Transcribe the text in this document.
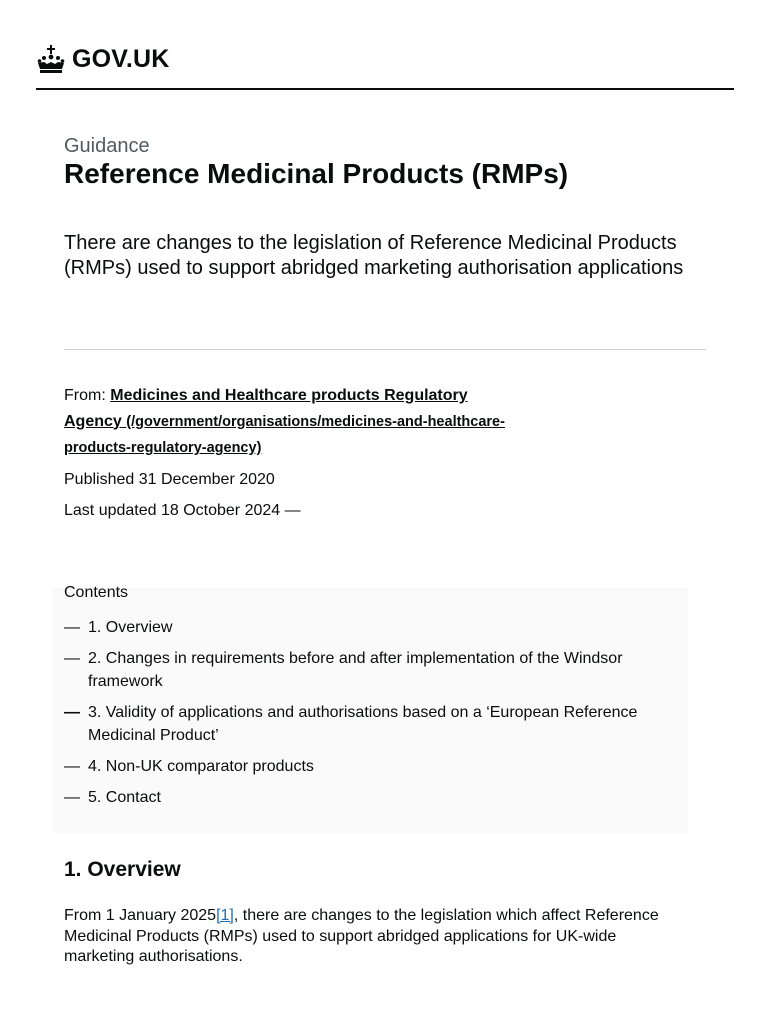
GOV.UK
Guidance
Reference Medicinal Products (RMPs)

There are changes to the legislation of Reference Medicinal Products (RMPs) used to support abridged marketing authorisation applications

From: Medicines and Healthcare products Regulatory Agency (/government/organisations/medicines-and-healthcare-products-regulatory-agency)
Published 31 December 2020
Last updated 18 October 2024 —
Contents
— 1. Overview
— 2. Changes in requirements before and after implementation of the Windsor framework
— 3. Validity of applications and authorisations based on a ‘European Reference Medicinal Product’
— 4. Non-UK comparator products
— 5. Contact
1. Overview

From 1 January 2025[1], there are changes to the legislation which affect Reference Medicinal Products (RMPs) used to support abridged applications for UK-wide marketing authorisations.
